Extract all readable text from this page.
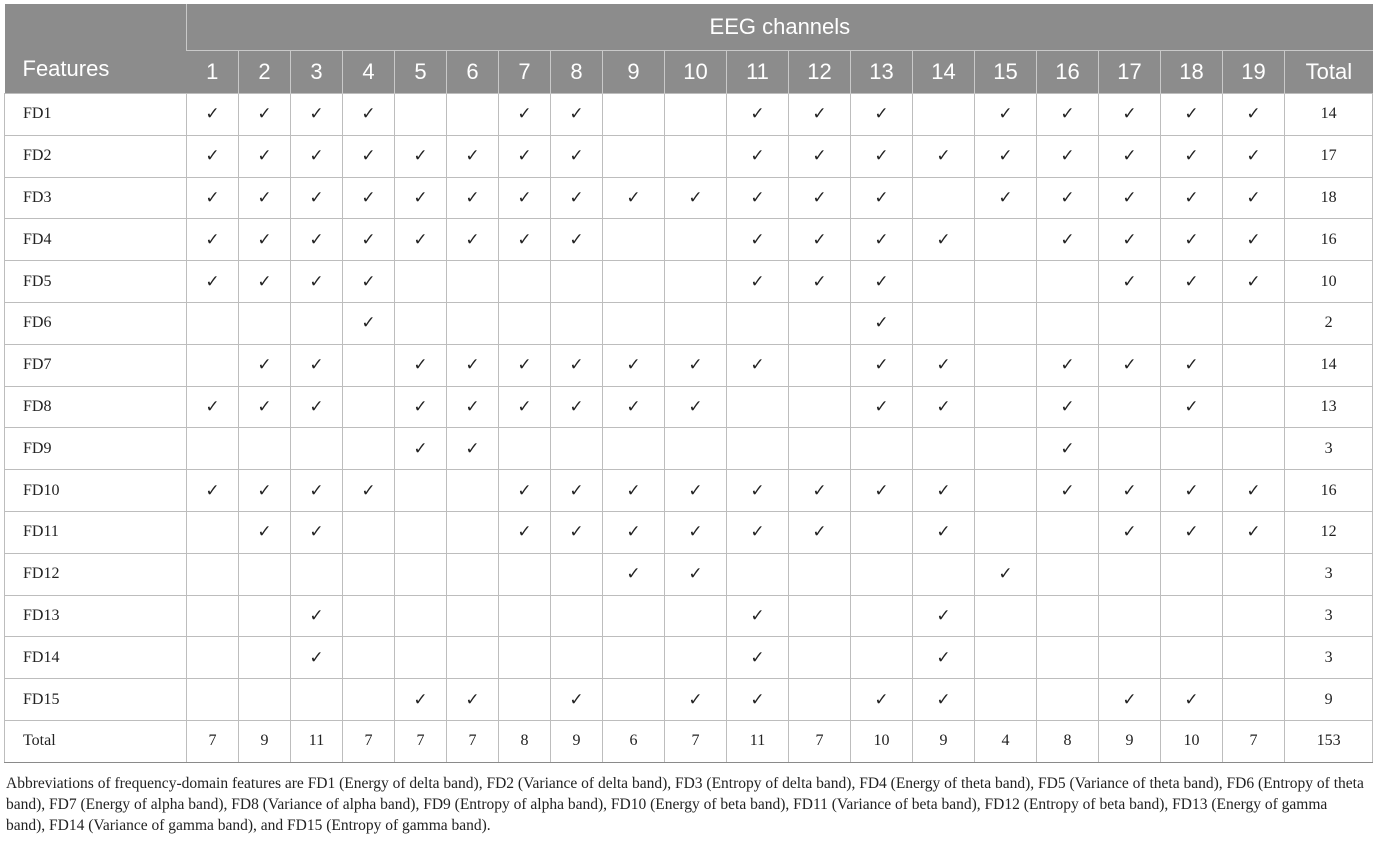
Features	EEG channels																			
	1	2	3	4	5	6	7	8	9	10	11	12	13	14	15	16	17	18	19	Total
FD1	✓	✓	✓	✓			✓	✓			✓	✓	✓		✓	✓	✓	✓	✓	14
FD2	✓	✓	✓	✓	✓	✓	✓	✓			✓	✓	✓	✓	✓	✓	✓	✓	✓	17
FD3	✓	✓	✓	✓	✓	✓	✓	✓	✓	✓	✓	✓	✓		✓	✓	✓	✓	✓	18
FD4	✓	✓	✓	✓	✓	✓	✓	✓			✓	✓	✓	✓		✓	✓	✓	✓	16
FD5	✓	✓	✓	✓							✓	✓	✓				✓	✓	✓	10
FD6				✓									✓							2
FD7		✓	✓		✓	✓	✓	✓	✓	✓	✓		✓	✓		✓	✓	✓		14
FD8	✓	✓	✓		✓	✓	✓	✓	✓	✓			✓	✓		✓		✓		13
FD9					✓	✓										✓				3
FD10	✓	✓	✓	✓			✓	✓	✓	✓	✓	✓	✓	✓		✓	✓	✓	✓	16
FD11		✓	✓				✓	✓	✓	✓	✓	✓		✓			✓	✓	✓	12
FD12									✓	✓					✓					3
FD13			✓								✓			✓						3
FD14			✓								✓			✓						3
FD15					✓	✓		✓		✓	✓		✓	✓			✓	✓		9
Total	7	9	11	7	7	7	8	9	6	7	11	7	10	9	4	8	9	10	7	153
Abbreviations of frequency-domain features are FD1 (Energy of delta band), FD2 (Variance of delta band), FD3 (Entropy of delta band), FD4 (Energy of theta band), FD5 (Variance of theta band), FD6 (Entropy of theta band), FD7 (Energy of alpha band), FD8 (Variance of alpha band), FD9 (Entropy of alpha band), FD10 (Energy of beta band), FD11 (Variance of beta band), FD12 (Entropy of beta band), FD13 (Energy of gamma band), FD14 (Variance of gamma band), and FD15 (Entropy of gamma band).
